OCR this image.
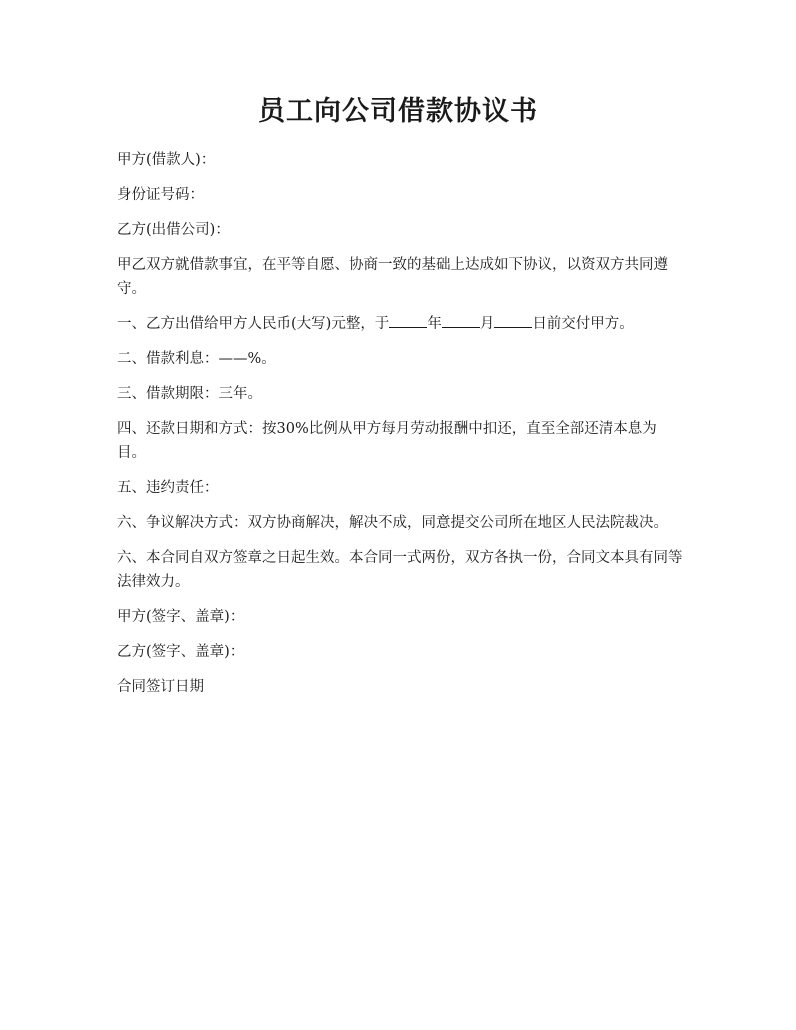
员工向公司借款协议书

甲方(借款人)：

身份证号码：

乙方(出借公司)：

甲乙双方就借款事宜，在平等自愿、协商一致的基础上达成如下协议，以资双方共同遵守。

一、乙方出借给甲方人民币(大写)元整，于	年	月	日前交付甲方。

二、借款利息：——%。

三、借款期限：三年。

四、还款日期和方式：按30%比例从甲方每月劳动报酬中扣还，直至全部还清本息为目。

五、违约责任：

六、争议解决方式：双方协商解决，解决不成，同意提交公司所在地区人民法院裁决。

六、本合同自双方签章之日起生效。本合同一式两份，双方各执一份，合同文本具有同等法律效力。

甲方(签字、盖章)：

乙方(签字、盖章)：

合同签订日期
